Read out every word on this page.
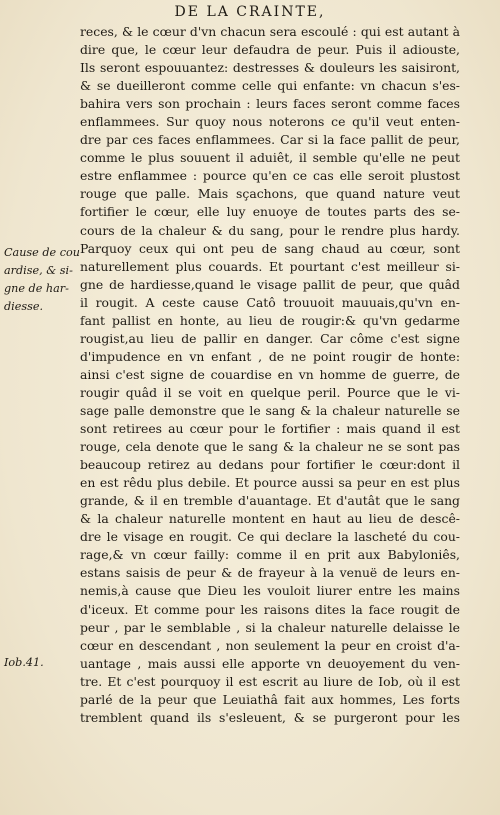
DE LA CRAINTE,
Cause de cou
ardise, & si-
gne de har-
diesse.
Iob.41.
reces, & le cœur d'vn chacun sera escoulé : qui est autant à
dire que, le cœur leur defaudra de peur. Puis il adiouste,
Ils seront espouuantez: destresses & douleurs les saisiront,
& se dueilleront comme celle qui enfante: vn chacun s'es-
bahira vers son prochain : leurs faces seront comme faces
enflammees. Sur quoy nous noterons ce qu'il veut enten-
dre par ces faces enflammees. Car si la face pallit de peur,
comme le plus souuent il aduiêt, il semble qu'elle ne peut
estre enflammee : pource qu'en ce cas elle seroit plustost
rouge que palle. Mais sçachons, que quand nature veut
fortifier le cœur, elle luy enuoye de toutes parts des se-
cours de la chaleur & du sang, pour le rendre plus hardy.
Parquoy ceux qui ont peu de sang chaud au cœur, sont
naturellement plus couards. Et pourtant c'est meilleur si-
gne de hardiesse,quand le visage pallit de peur, que quâd
il rougit. A ceste cause Catô trouuoit mauuais,qu'vn en-
fant pallist en honte, au lieu de rougir:& qu'vn gedarme
rougist,au lieu de pallir en danger. Car côme c'est signe
d'impudence en vn enfant , de ne point rougir de honte:
ainsi c'est signe de couardise en vn homme de guerre, de
rougir quâd il se voit en quelque peril. Pource que le vi-
sage palle demonstre que le sang & la chaleur naturelle se
sont retirees au cœur pour le fortifier : mais quand il est
rouge, cela denote que le sang & la chaleur ne se sont pas
beaucoup retirez au dedans pour fortifier le cœur:dont il
en est rêdu plus debile. Et pource aussi sa peur en est plus
grande, & il en tremble d'auantage. Et d'autât que le sang
& la chaleur naturelle montent en haut au lieu de descê-
dre le visage en rougit. Ce qui declare la lascheté du cou-
rage,& vn cœur failly: comme il en prit aux Babyloniês,
estans saisis de peur & de frayeur à la venuë de leurs en-
nemis,à cause que Dieu les vouloit liurer entre les mains
d'iceux. Et comme pour les raisons dites la face rougit de
peur , par le semblable , si la chaleur naturelle delaisse le
cœur en descendant , non seulement la peur en croist d'a-
uantage , mais aussi elle apporte vn deuoyement du ven-
tre. Et c'est pourquoy il est escrit au liure de Iob, où il est
parlé de la peur que Leuiathâ fait aux hommes, Les forts
tremblent quand ils s'esleuent, & se purgeront pour les
